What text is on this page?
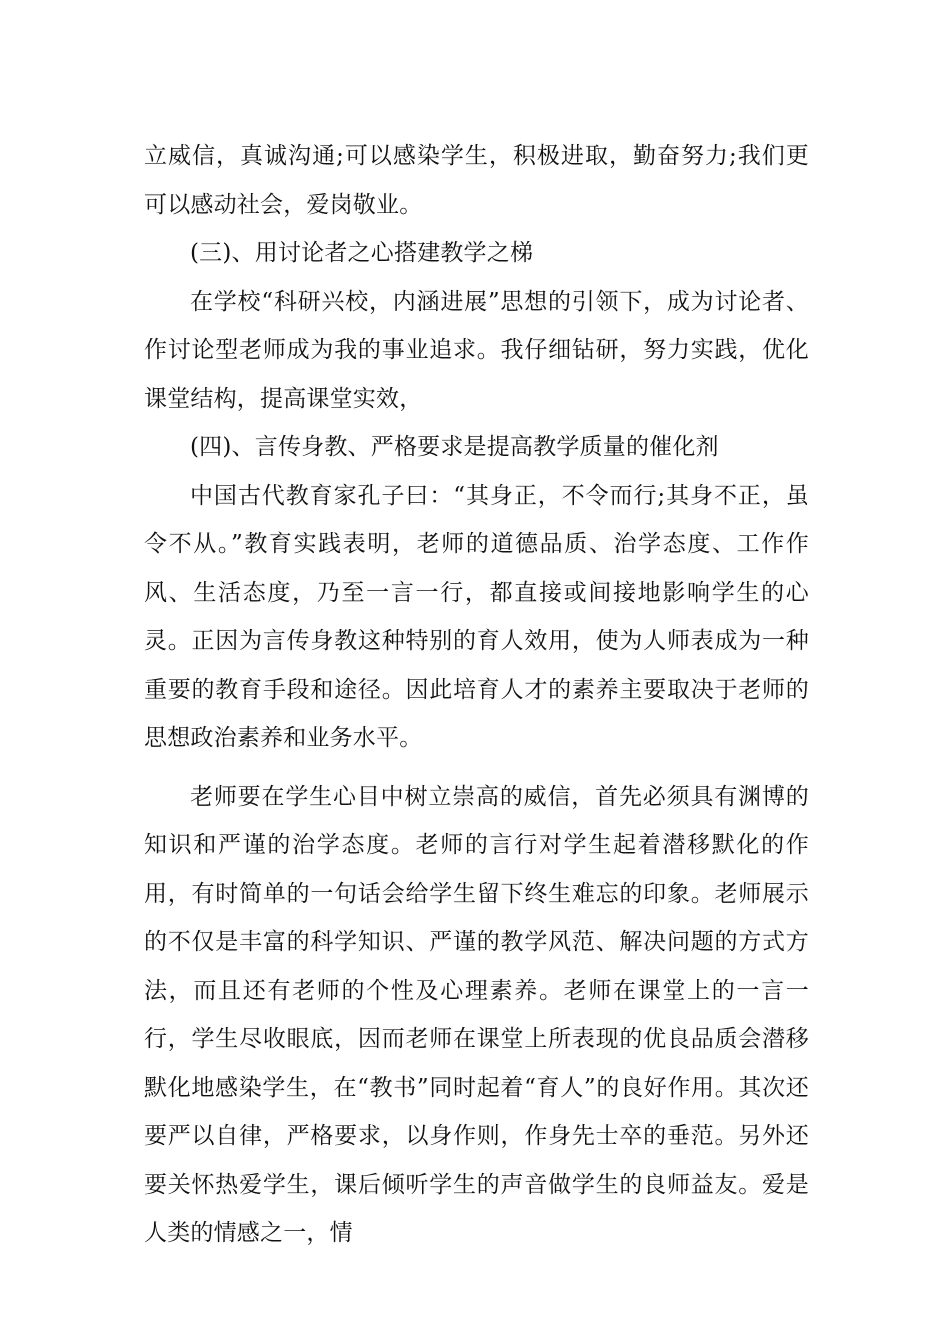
立威信，真诚沟通;可以感染学生，积极进取，勤奋努力;我们更可以感动社会，爱岗敬业。

(三)、用讨论者之心搭建教学之梯

在学校“科研兴校，内涵进展”思想的引领下，成为讨论者、作讨论型老师成为我的事业追求。我仔细钻研，努力实践，优化课堂结构，提高课堂实效，

(四)、言传身教、严格要求是提高教学质量的催化剂

中国古代教育家孔子曰：“其身正，不令而行;其身不正，虽令不从。”教育实践表明，老师的道德品质、治学态度、工作作风、生活态度，乃至一言一行，都直接或间接地影响学生的心灵。正因为言传身教这种特别的育人效用，使为人师表成为一种重要的教育手段和途径。因此培育人才的素养主要取决于老师的思想政治素养和业务水平。

老师要在学生心目中树立崇高的威信，首先必须具有渊博的知识和严谨的治学态度。老师的言行对学生起着潜移默化的作用，有时简单的一句话会给学生留下终生难忘的印象。老师展示的不仅是丰富的科学知识、严谨的教学风范、解决问题的方式方法，而且还有老师的个性及心理素养。老师在课堂上的一言一行，学生尽收眼底，因而老师在课堂上所表现的优良品质会潜移默化地感染学生，在“教书”同时起着“育人”的良好作用。其次还要严以自律，严格要求，以身作则，作身先士卒的垂范。另外还要关怀热爱学生，课后倾听学生的声音做学生的良师益友。爱是人类的情感之一，情
